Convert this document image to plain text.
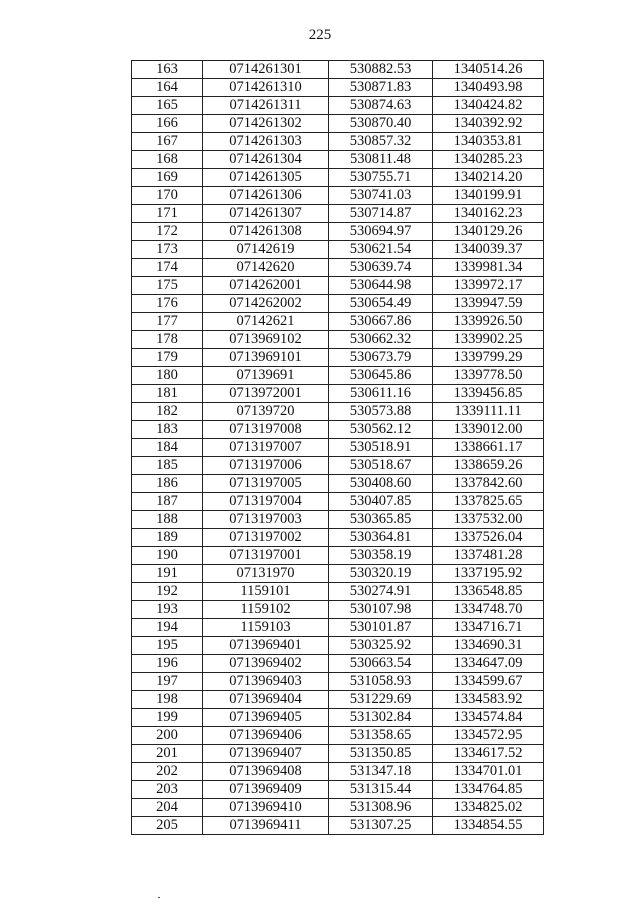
225
163	0714261301	530882.53	1340514.26
164	0714261310	530871.83	1340493.98
165	0714261311	530874.63	1340424.82
166	0714261302	530870.40	1340392.92
167	0714261303	530857.32	1340353.81
168	0714261304	530811.48	1340285.23
169	0714261305	530755.71	1340214.20
170	0714261306	530741.03	1340199.91
171	0714261307	530714.87	1340162.23
172	0714261308	530694.97	1340129.26
173	07142619	530621.54	1340039.37
174	07142620	530639.74	1339981.34
175	0714262001	530644.98	1339972.17
176	0714262002	530654.49	1339947.59
177	07142621	530667.86	1339926.50
178	0713969102	530662.32	1339902.25
179	0713969101	530673.79	1339799.29
180	07139691	530645.86	1339778.50
181	0713972001	530611.16	1339456.85
182	07139720	530573.88	1339111.11
183	0713197008	530562.12	1339012.00
184	0713197007	530518.91	1338661.17
185	0713197006	530518.67	1338659.26
186	0713197005	530408.60	1337842.60
187	0713197004	530407.85	1337825.65
188	0713197003	530365.85	1337532.00
189	0713197002	530364.81	1337526.04
190	0713197001	530358.19	1337481.28
191	07131970	530320.19	1337195.92
192	1159101	530274.91	1336548.85
193	1159102	530107.98	1334748.70
194	1159103	530101.87	1334716.71
195	0713969401	530325.92	1334690.31
196	0713969402	530663.54	1334647.09
197	0713969403	531058.93	1334599.67
198	0713969404	531229.69	1334583.92
199	0713969405	531302.84	1334574.84
200	0713969406	531358.65	1334572.95
201	0713969407	531350.85	1334617.52
202	0713969408	531347.18	1334701.01
203	0713969409	531315.44	1334764.85
204	0713969410	531308.96	1334825.02
205	0713969411	531307.25	1334854.55
